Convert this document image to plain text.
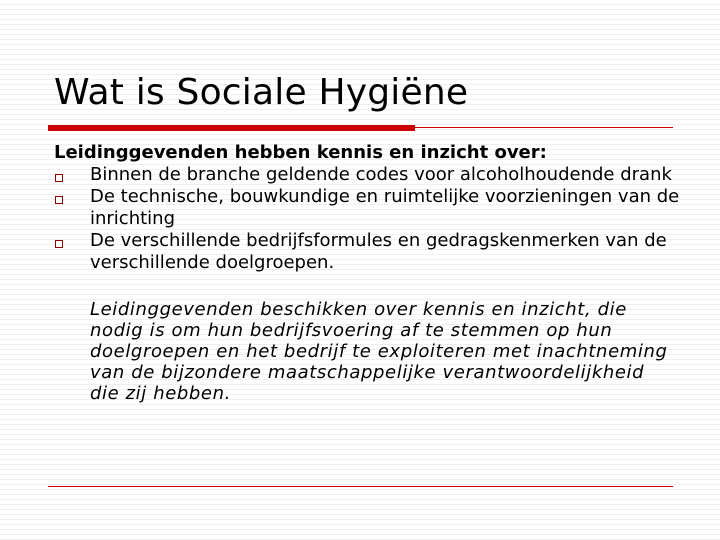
Wat is Sociale Hygiëne

Leidinggevenden hebben kennis en inzicht over:

Binnen de branche geldende codes voor alcoholhoudende drank
De technische, bouwkundige en ruimtelijke voorzieningen van de inrichting
De verschillende bedrijfsformules en gedragskenmerken van de verschillende doelgroepen.

Leidinggevenden beschikken over kennis en inzicht, die nodig is om hun bedrijfsvoering af te stemmen op hun doelgroepen en het bedrijf te exploiteren met inachtneming van de bijzondere maatschappelijke verantwoordelijkheid die zij hebben.
